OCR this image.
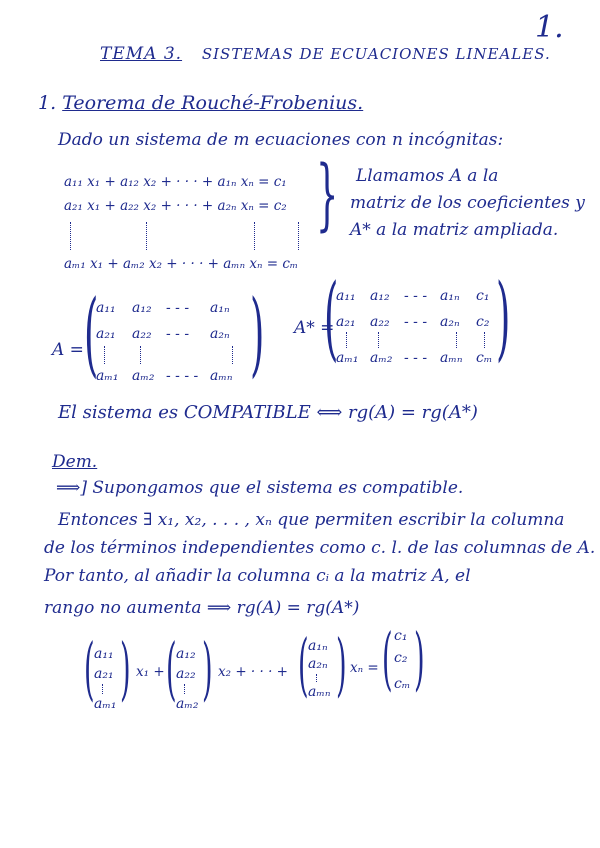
1.
TEMA 3. SISTEMAS DE ECUACIONES LINEALES.
1. Teorema de Rouché-Frobenius.
Dado un sistema de m ecuaciones con n incógnitas:
a₁₁ x₁ + a₁₂ x₂ + · · · + a₁ₙ xₙ = c₁
a₂₁ x₁ + a₂₂ x₂ + · · · + a₂ₙ xₙ = c₂
aₘ₁ x₁ + aₘ₂ x₂ + · · · + aₘₙ xₙ = cₘ
} Llamamos A a la
matriz de los coeficientes y
A* a la matriz ampliada.
A = (
a₁₁ a₁₂ - - - a₁ₙ
a₂₁ a₂₂ - - - a₂ₙ
aₘ₁ aₘ₂ - - - - aₘₙ ) A* =
(
a₁₁ a₁₂ - - - a₁ₙ c₁
a₂₁ a₂₂ - - - a₂ₙ c₂
aₘ₁ aₘ₂ - - - aₘₙ cₘ )
El sistema es COMPATIBLE ⟺ rg(A) = rg(A*)
Dem.
⟹] Supongamos que el sistema es compatible.
Entonces ∃ x₁, x₂, . . . , xₙ que permiten escribir la columna
de los términos independientes como c. l. de las columnas de A.
Por tanto, al añadir la columna cᵢ a la matriz A, el
rango no aumenta ⟹ rg(A) = rg(A*)
( a₁₁
a₂₁
aₘ₁ ) x₁ + ( a₁₂
a₂₂
aₘ₂ ) x₂ + · · · + ( a₁ₙ
a₂ₙ
aₘₙ ) xₙ = ( c₁
c₂
cₘ )
